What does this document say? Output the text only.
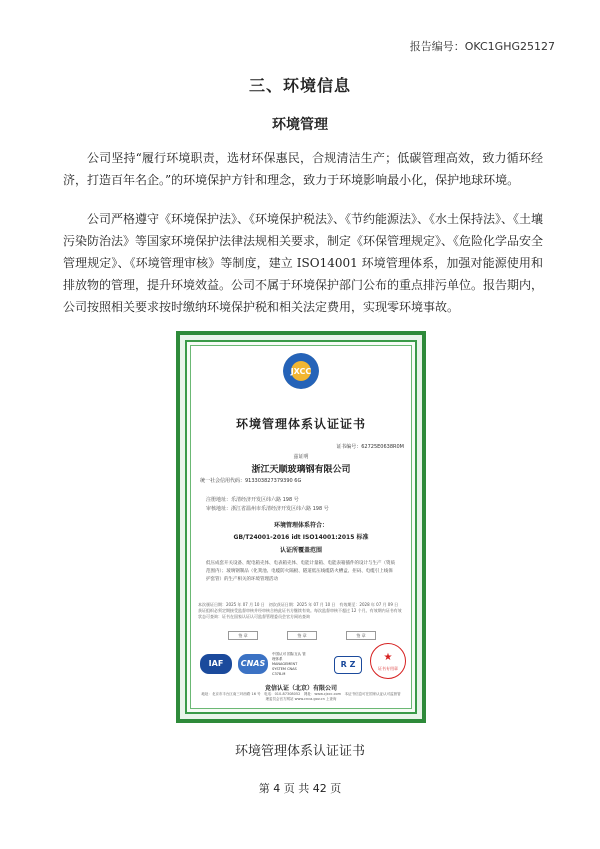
报告编号：OKC1GHG25127
三、环境信息
环境管理
公司坚持“履行环境职责，选材环保惠民，合规清洁生产；低碳管理高效，致力循环经济，打造百年名企。”的环境保护方针和理念，致力于环境影响最小化，保护地球环境。
公司严格遵守《环境保护法》、《环境保护税法》、《节约能源法》、《水土保持法》、《土壤污染防治法》等国家环境保护法律法规相关要求，制定《环保管理规定》、《危险化学品安全管理规定》、《环境管理审核》等制度，建立 ISO14001 环境管理体系，加强对能源使用和排放物的管理，提升环境效益。公司不属于环境保护部门公布的重点排污单位。报告期内，公司按照相关要求按时缴纳环境保护税和相关法定费用，实现零环境事故。
JXCC
环境管理体系认证证书
证书编号：62725E0638R0M
兹证明
浙江天顺玻璃钢有限公司
统一社会信用代码：913303827379390 6G
注册地址：乐清经济开发区纬六路 198 号
审核地址：浙江省温州市乐清经济开发区纬六路 198 号
环境管理体系符合：
GB/T24001-2016 idt ISO14001:2015 标准
认证所覆盖范围
低压成套开关设备、配电箱壳体、电表箱壳体、电能计量箱、电能表箱插件的设计与生产（资质范围内）；玻璃钢制品（化粪池、电缆防火隔板、隧道低压线缆防火槽盒、拒码、电缆引上线保护套管）的生产相关的环境管理活动
本次颁证日期：2025 年 07 月 10 日　初次获证日期：2025 年 07 月 10 日　有效期至：2028 年 07 月 09 日　获证组织必须定期接受监督审核并经审核合格此证书方继续有效。每次监督审核不超过 12 个月。有效期内证书有效状态可查询：证书在国家认证认可监督管理委员会官方网站查询
签 章	签 章	签 章
IAF	CNAS
中国认可 国际互认 管理体系 MANAGEMENT SYSTEM CNAS C378-M
R Z
★
证书专用章
竞信认证（北京）有限公司
地址：北京市丰台区南三环西路 16 号　电话：010-87308052　网址：www.cjxcc.com　本证书信息可在国家认证认可监督管理委员会官方网站 www.cnca.gov.cn 上查询
环境管理体系认证证书
第 4 页 共 42 页
